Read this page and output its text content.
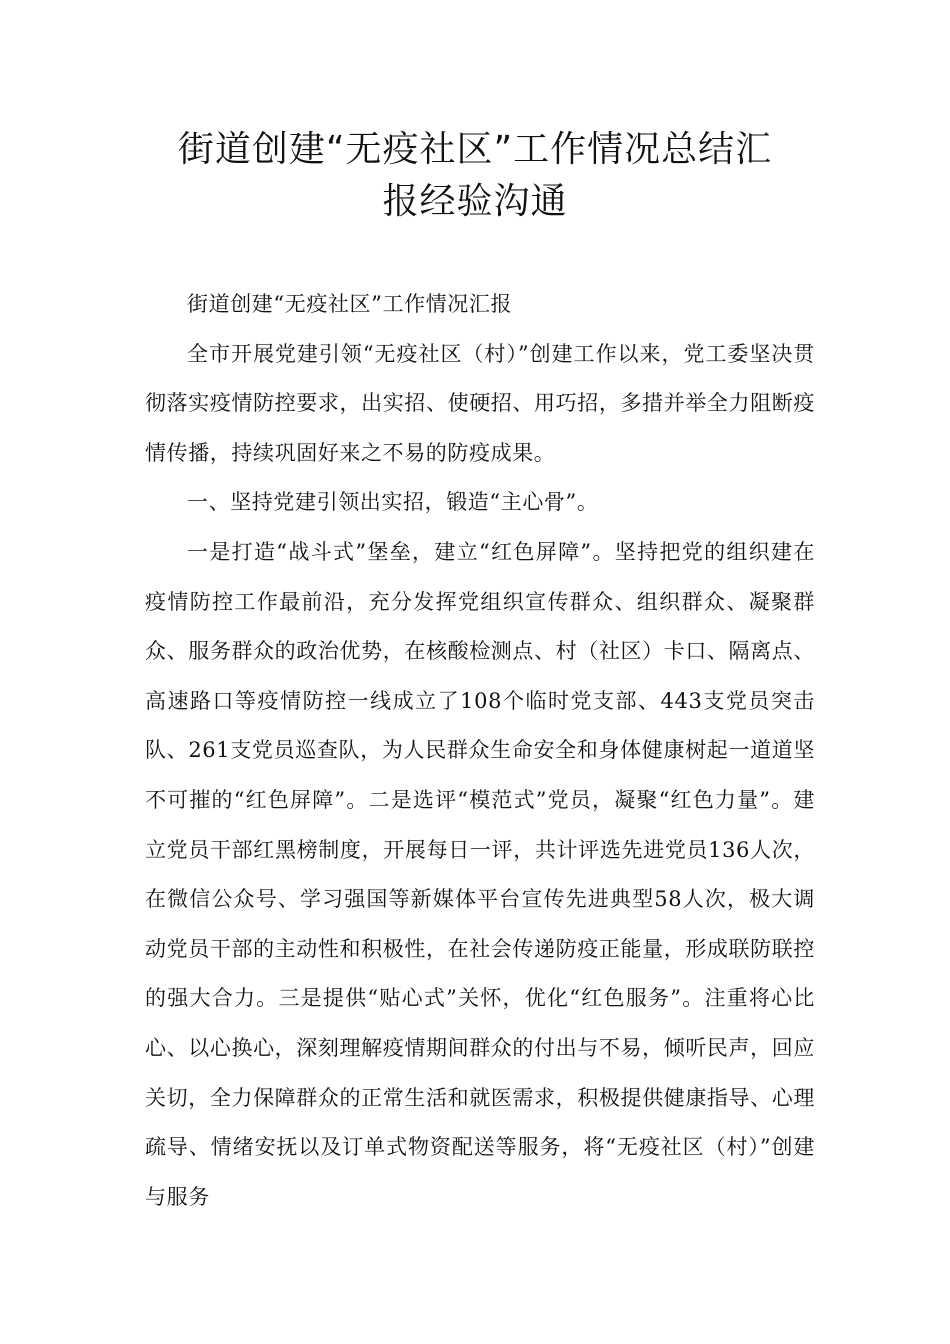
街道创建“无疫社区”工作情况总结汇
报经验沟通

街道创建“无疫社区”工作情况汇报

全市开展党建引领“无疫社区（村）”创建工作以来，党工委坚决贯彻落实疫情防控要求，出实招、使硬招、用巧招，多措并举全力阻断疫情传播，持续巩固好来之不易的防疫成果。

一、坚持党建引领出实招，锻造“主心骨”。

一是打造“战斗式”堡垒，建立“红色屏障”。坚持把党的组织建在疫情防控工作最前沿，充分发挥党组织宣传群众、组织群众、凝聚群众、服务群众的政治优势，在核酸检测点、村（社区）卡口、隔离点、高速路口等疫情防控一线成立了108个临时党支部、443支党员突击队、261支党员巡查队，为人民群众生命安全和身体健康树起一道道坚不可摧的“红色屏障”。二是选评“模范式”党员，凝聚“红色力量”。建立党员干部红黑榜制度，开展每日一评，共计评选先进党员136人次，在微信公众号、学习强国等新媒体平台宣传先进典型58人次，极大调动党员干部的主动性和积极性，在社会传递防疫正能量，形成联防联控的强大合力。三是提供“贴心式”关怀，优化“红色服务”。注重将心比心、以心换心，深刻理解疫情期间群众的付出与不易，倾听民声，回应关切，全力保障群众的正常生活和就医需求，积极提供健康指导、心理疏导、情绪安抚以及订单式物资配送等服务，将“无疫社区（村）”创建与服务
